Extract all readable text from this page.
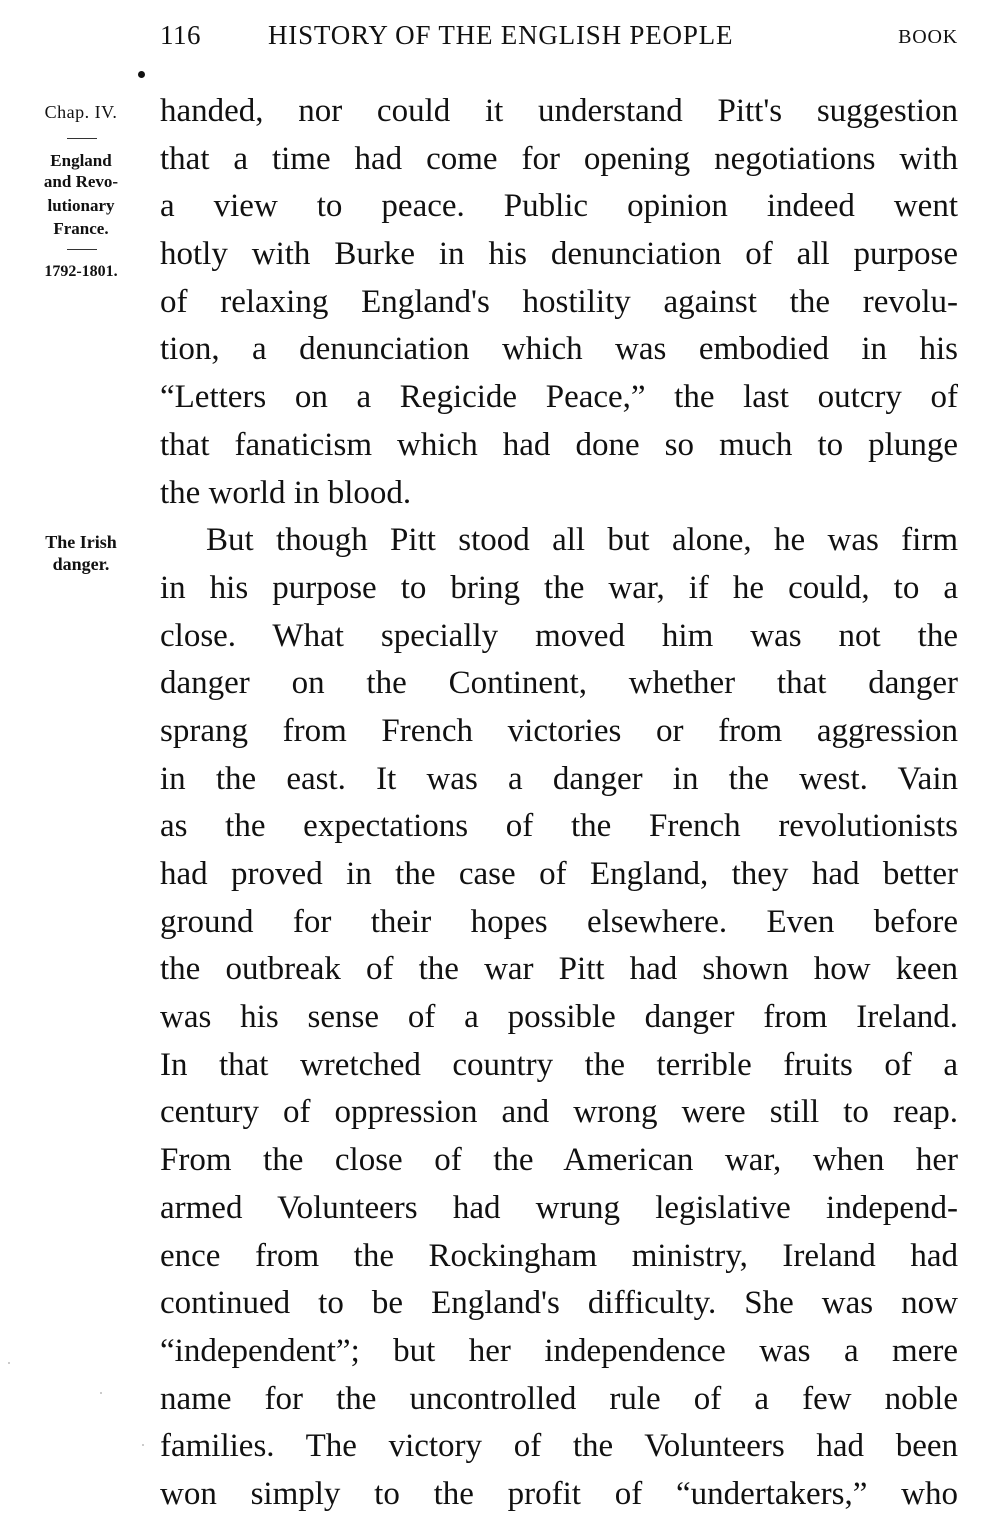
116 HISTORY OF THE ENGLISH PEOPLE	BOOK
Chap. IV.
England
and Revo-
lutionary
France.
1792-1801.
The Irish
danger.
handed, nor could it understand Pitt's suggestion
that a time had come for opening negotiations with
a view to peace. Public opinion indeed went
hotly with Burke in his denunciation of all purpose
of relaxing England's hostility against the revolu-
tion, a denunciation which was embodied in his
“Letters on a Regicide Peace,” the last outcry of
that fanaticism which had done so much to plunge
the world in blood.
But though Pitt stood all but alone, he was firm
in his purpose to bring the war, if he could, to a
close. What specially moved him was not the
danger on the Continent, whether that danger
sprang from French victories or from aggression
in the east. It was a danger in the west. Vain
as the expectations of the French revolutionists
had proved in the case of England, they had better
ground for their hopes elsewhere. Even before
the outbreak of the war Pitt had shown how keen
was his sense of a possible danger from Ireland.
In that wretched country the terrible fruits of a
century of oppression and wrong were still to reap.
From the close of the American war, when her
armed Volunteers had wrung legislative independ-
ence from the Rockingham ministry, Ireland had
continued to be England's difficulty. She was now
“independent”; but her independence was a mere
name for the uncontrolled rule of a few noble
families. The victory of the Volunteers had been
won simply to the profit of “undertakers,” who
